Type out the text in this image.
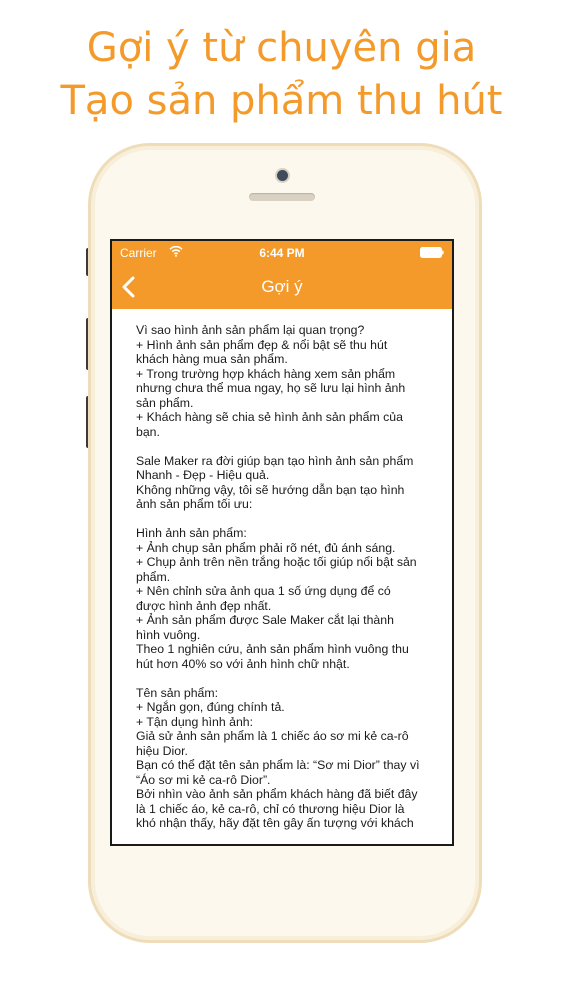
Gợi ý từ chuyên gia
Tạo sản phẩm thu hút
Carrier	6:44 PM
Gợi ý
Vì sao hình ảnh sản phẩm lại quan trọng?
+ Hình ảnh sản phẩm đẹp & nổi bật sẽ thu hút
khách hàng mua sản phẩm.
+ Trong trường hợp khách hàng xem sản phẩm
nhưng chưa thể mua ngay, họ sẽ lưu lại hình ảnh
sản phẩm.
+ Khách hàng sẽ chia sẻ hình ảnh sản phẩm của
bạn.
Sale Maker ra đời giúp bạn tạo hình ảnh sản phẩm
Nhanh - Đẹp - Hiệu quả.
Không những vậy, tôi sẽ hướng dẫn bạn tạo hình
ảnh sản phẩm tối ưu:
Hình ảnh sản phẩm:
+ Ảnh chụp sản phẩm phải rõ nét, đủ ánh sáng.
+ Chụp ảnh trên nền trắng hoặc tối giúp nổi bật sản
phẩm.
+ Nên chỉnh sửa ảnh qua 1 số ứng dụng để có
được hình ảnh đẹp nhất.
+ Ảnh sản phẩm được Sale Maker cắt lại thành
hình vuông.
Theo 1 nghiên cứu, ảnh sản phẩm hình vuông thu
hút hơn 40% so với ảnh hình chữ nhật.
Tên sản phẩm:
+ Ngắn gọn, đúng chính tả.
+ Tận dụng hình ảnh:
Giả sử ảnh sản phẩm là 1 chiếc áo sơ mi kẻ ca-rô
hiệu Dior.
Bạn có thể đặt tên sản phẩm là: “Sơ mi Dior” thay vì
“Áo sơ mi kẻ ca-rô Dior”.
Bởi nhìn vào ảnh sản phẩm khách hàng đã biết đây
là 1 chiếc áo, kẻ ca-rô, chỉ có thương hiệu Dior là
khó nhận thấy, hãy đặt tên gây ấn tượng với khách
